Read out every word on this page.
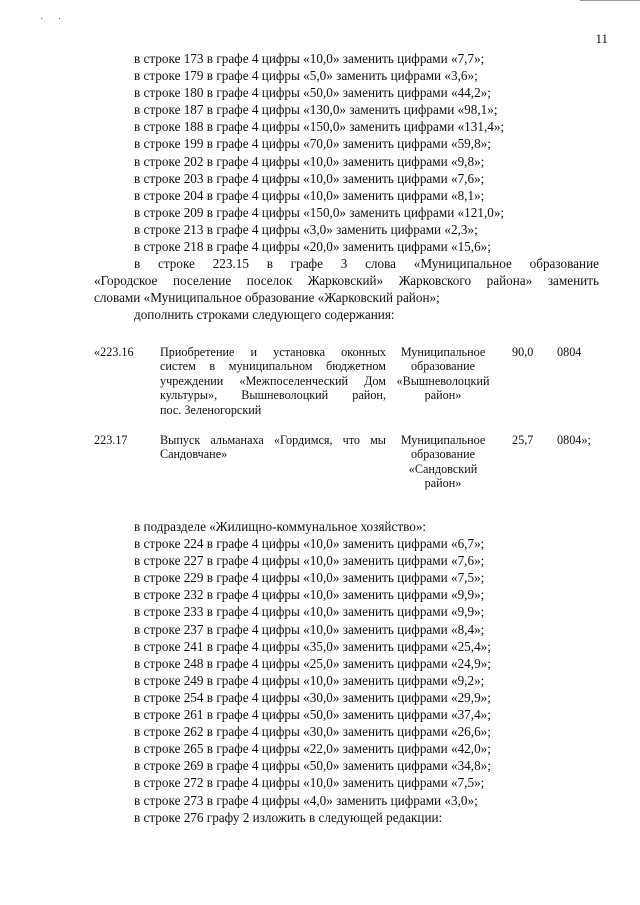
· ·
11
в строке 173 в графе 4 цифры «10,0» заменить цифрами «7,7»;
в строке 179 в графе 4 цифры «5,0» заменить цифрами «3,6»;
в строке 180 в графе 4 цифры «50,0» заменить цифрами «44,2»;
в строке 187 в графе 4 цифры «130,0» заменить цифрами «98,1»;
в строке 188 в графе 4 цифры «150,0» заменить цифрами «131,4»;
в строке 199 в графе 4 цифры «70,0» заменить цифрами «59,8»;
в строке 202 в графе 4 цифры «10,0» заменить цифрами «9,8»;
в строке 203 в графе 4 цифры «10,0» заменить цифрами «7,6»;
в строке 204 в графе 4 цифры «10,0» заменить цифрами «8,1»;
в строке 209 в графе 4 цифры «150,0» заменить цифрами «121,0»;
в строке 213 в графе 4 цифры «3,0» заменить цифрами «2,3»;
в строке 218 в графе 4 цифры «20,0» заменить цифрами «15,6»;
в строке 223.15 в графе 3 слова «Муниципальное образование
«Городское поселение поселок Жарковский» Жарковского района» заменить
словами «Муниципальное образование «Жарковский район»;
дополнить строками следующего содержания:
«223.16 Приобретение и установка оконных
систем в муниципальном бюджетном
учреждении «Межпоселенческий Дом
культуры», Вышневолоцкий район,
пос. Зеленогорский
Муниципальное
образование
«Вышневолоцкий
район»
90,0 0804
223.17	Выпуск альманаха «Гордимся, что мы
Сандовчане»
Муниципальное
образование
«Сандовский
район»
25,7 0804»;
в подразделе «Жилищно-коммунальное хозяйство»:
в строке 224 в графе 4 цифры «10,0» заменить цифрами «6,7»;
в строке 227 в графе 4 цифры «10,0» заменить цифрами «7,6»;
в строке 229 в графе 4 цифры «10,0» заменить цифрами «7,5»;
в строке 232 в графе 4 цифры «10,0» заменить цифрами «9,9»;
в строке 233 в графе 4 цифры «10,0» заменить цифрами «9,9»;
в строке 237 в графе 4 цифры «10,0» заменить цифрами «8,4»;
в строке 241 в графе 4 цифры «35,0» заменить цифрами «25,4»;
в строке 248 в графе 4 цифры «25,0» заменить цифрами «24,9»;
в строке 249 в графе 4 цифры «10,0» заменить цифрами «9,2»;
в строке 254 в графе 4 цифры «30,0» заменить цифрами «29,9»;
в строке 261 в графе 4 цифры «50,0» заменить цифрами «37,4»;
в строке 262 в графе 4 цифры «30,0» заменить цифрами «26,6»;
в строке 265 в графе 4 цифры «22,0» заменить цифрами «42,0»;
в строке 269 в графе 4 цифры «50,0» заменить цифрами «34,8»;
в строке 272 в графе 4 цифры «10,0» заменить цифрами «7,5»;
в строке 273 в графе 4 цифры «4,0» заменить цифрами «3,0»;
в строке 276 графу 2 изложить в следующей редакции:
